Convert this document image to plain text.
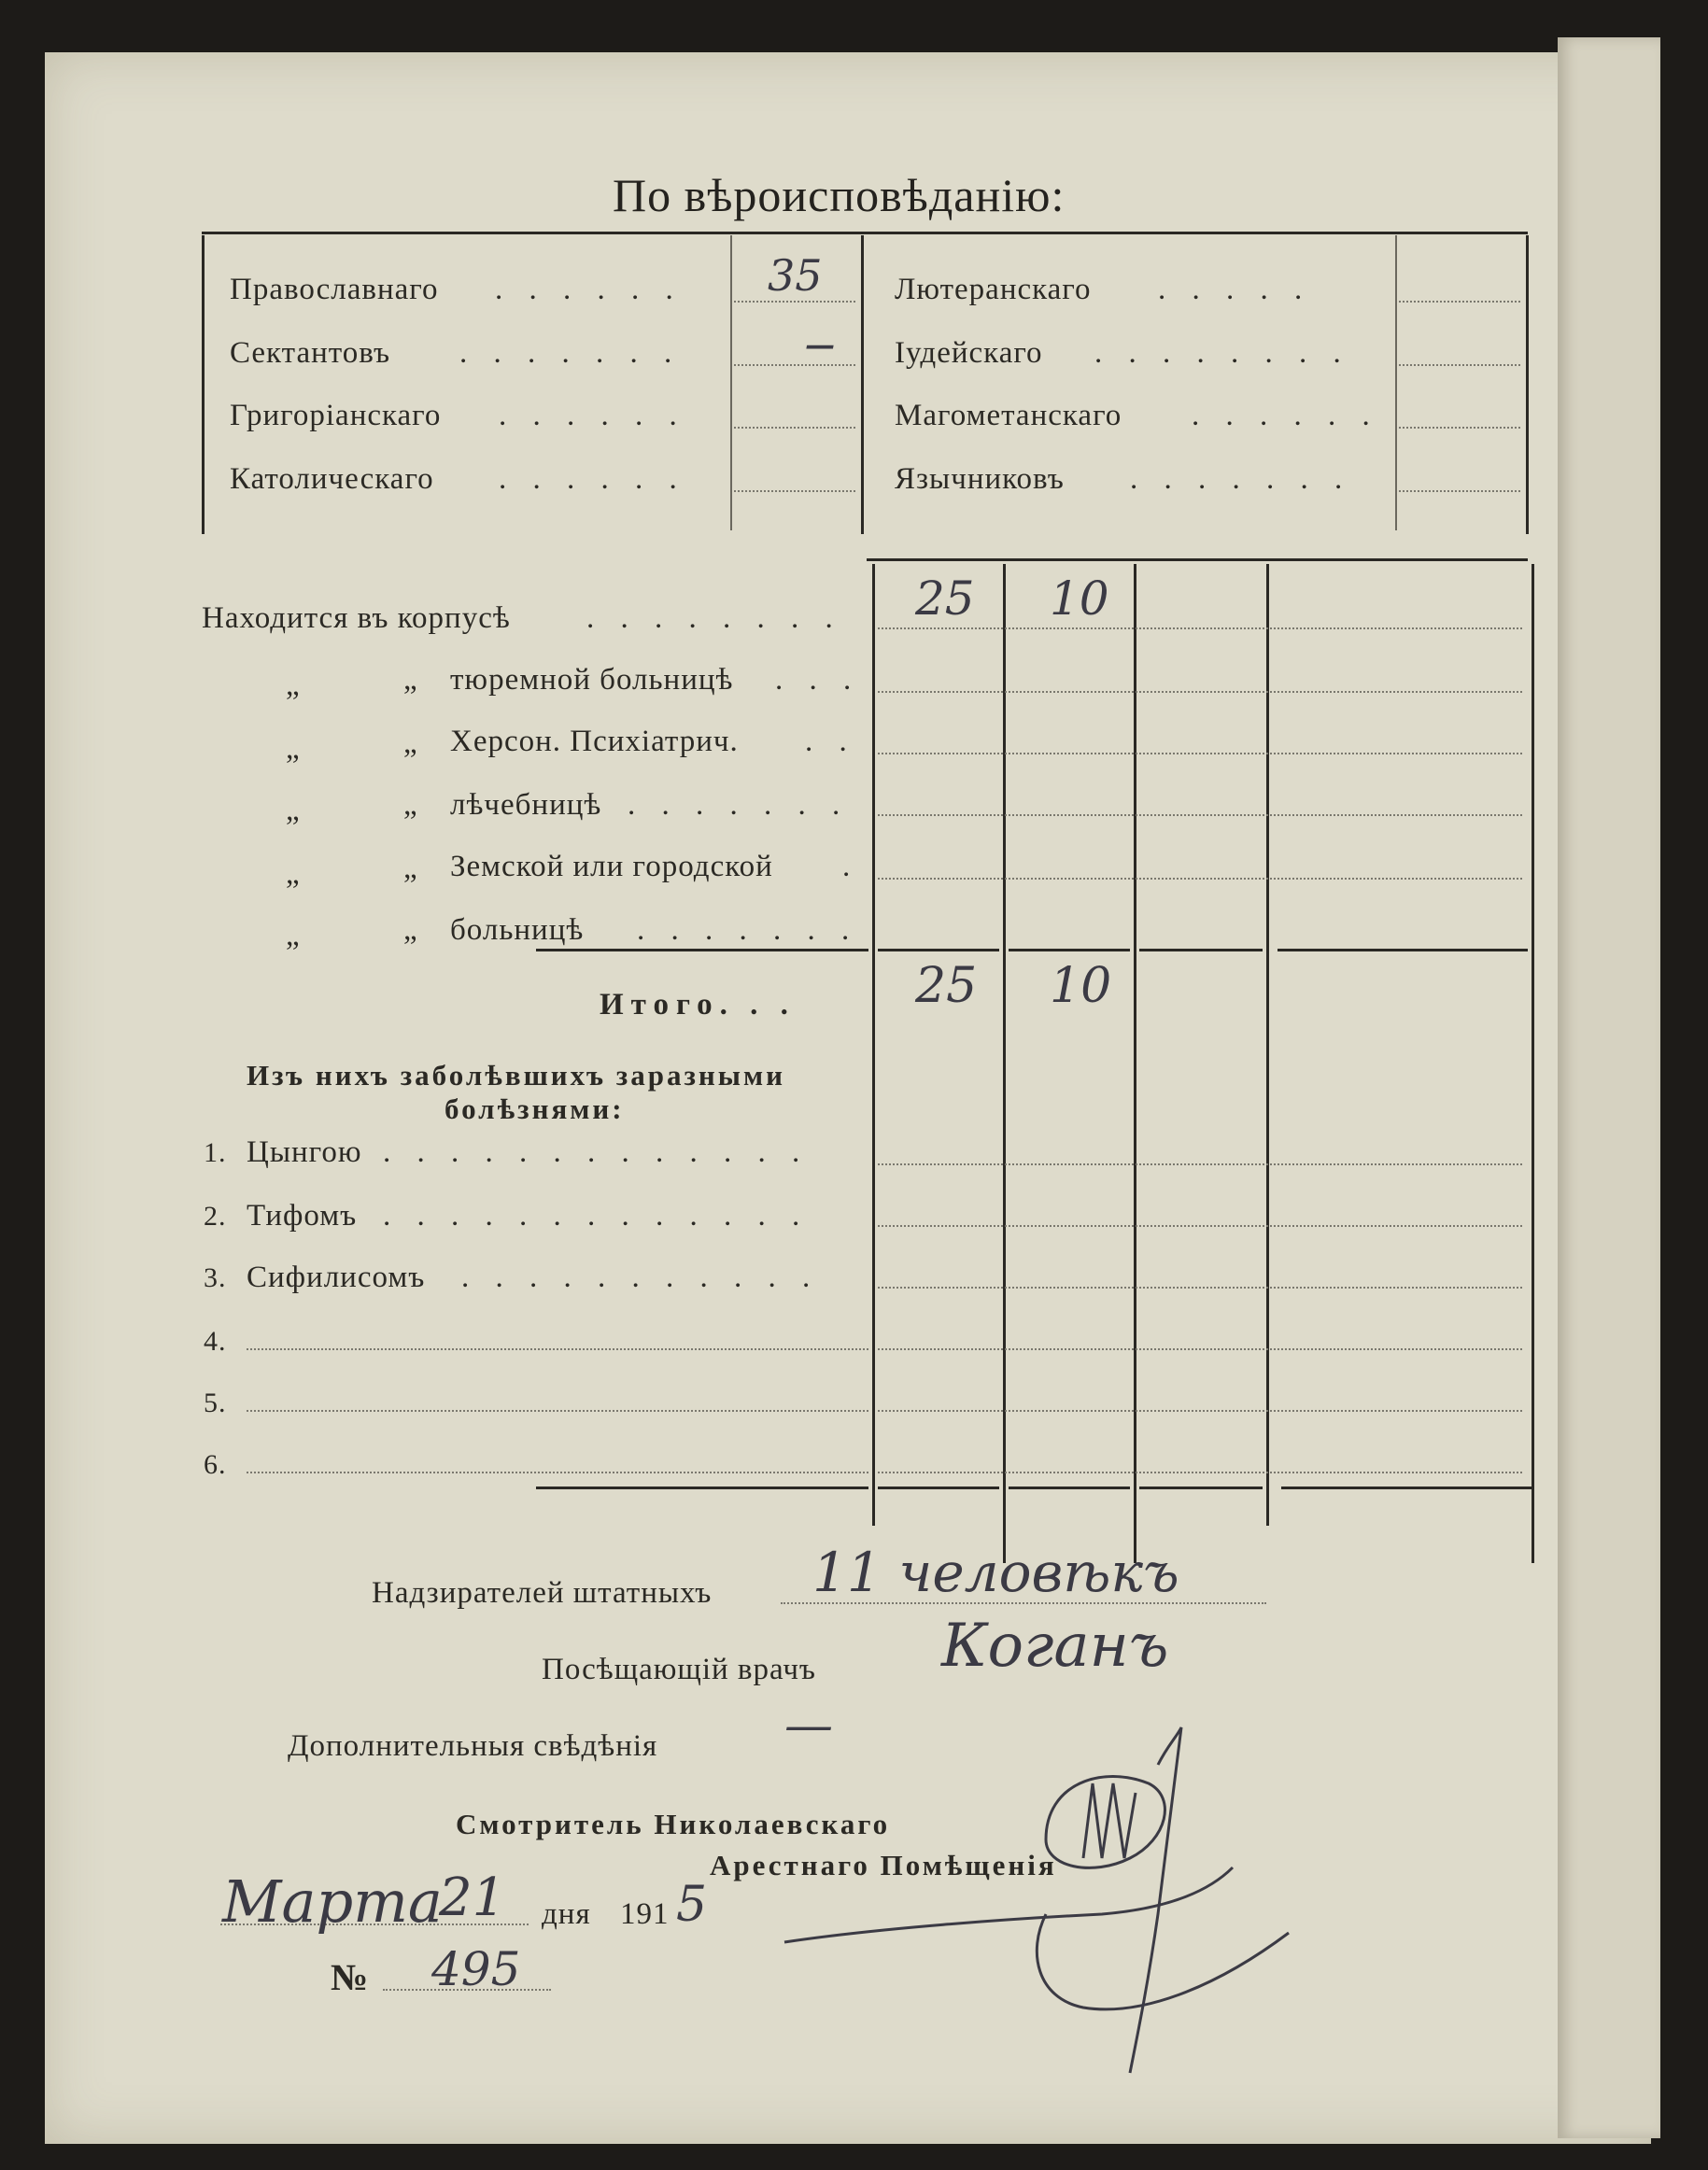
По вѣроисповѣданію:
Православнаго . . . . . . 35
Сектантовъ . . . . . . .	—
Григоріанскаго . . . . . .
Католическаго . . . . . .
Лютеранскаго . . . . .
Іудейскаго . . . . . . . .
Магометанскаго . . . . . .
Язычниковъ . . . . . . .
Находится въ корпусѣ . . . . . . . . 25 10
„	„ тюремной больницѣ . . .
„	„ Херсон. Психіатрич. . .
„	„ лѣчебницѣ . . . . . . .
„	„ Земской или городской .
„	„ больницѣ . . . . . . .
Итого. . . 25 10
Изъ нихъ заболѣвшихъ заразными
болѣзнями:
1. Цынгою . . . . . . . . . . . . .
2. Тифомъ . . . . . . . . . . . . .
3. Сифилисомъ . . . . . . . . . . .
4.
5.
6.
Надзирателей штатныхъ 11 человѣкъ
Посѣщающій врачъ Коганъ
Дополнительныя свѣдѣнія	—
Смотритель Николаевскаго
Арестнаго Помѣщенія
Марта
21 дня 191 5
№ 495
